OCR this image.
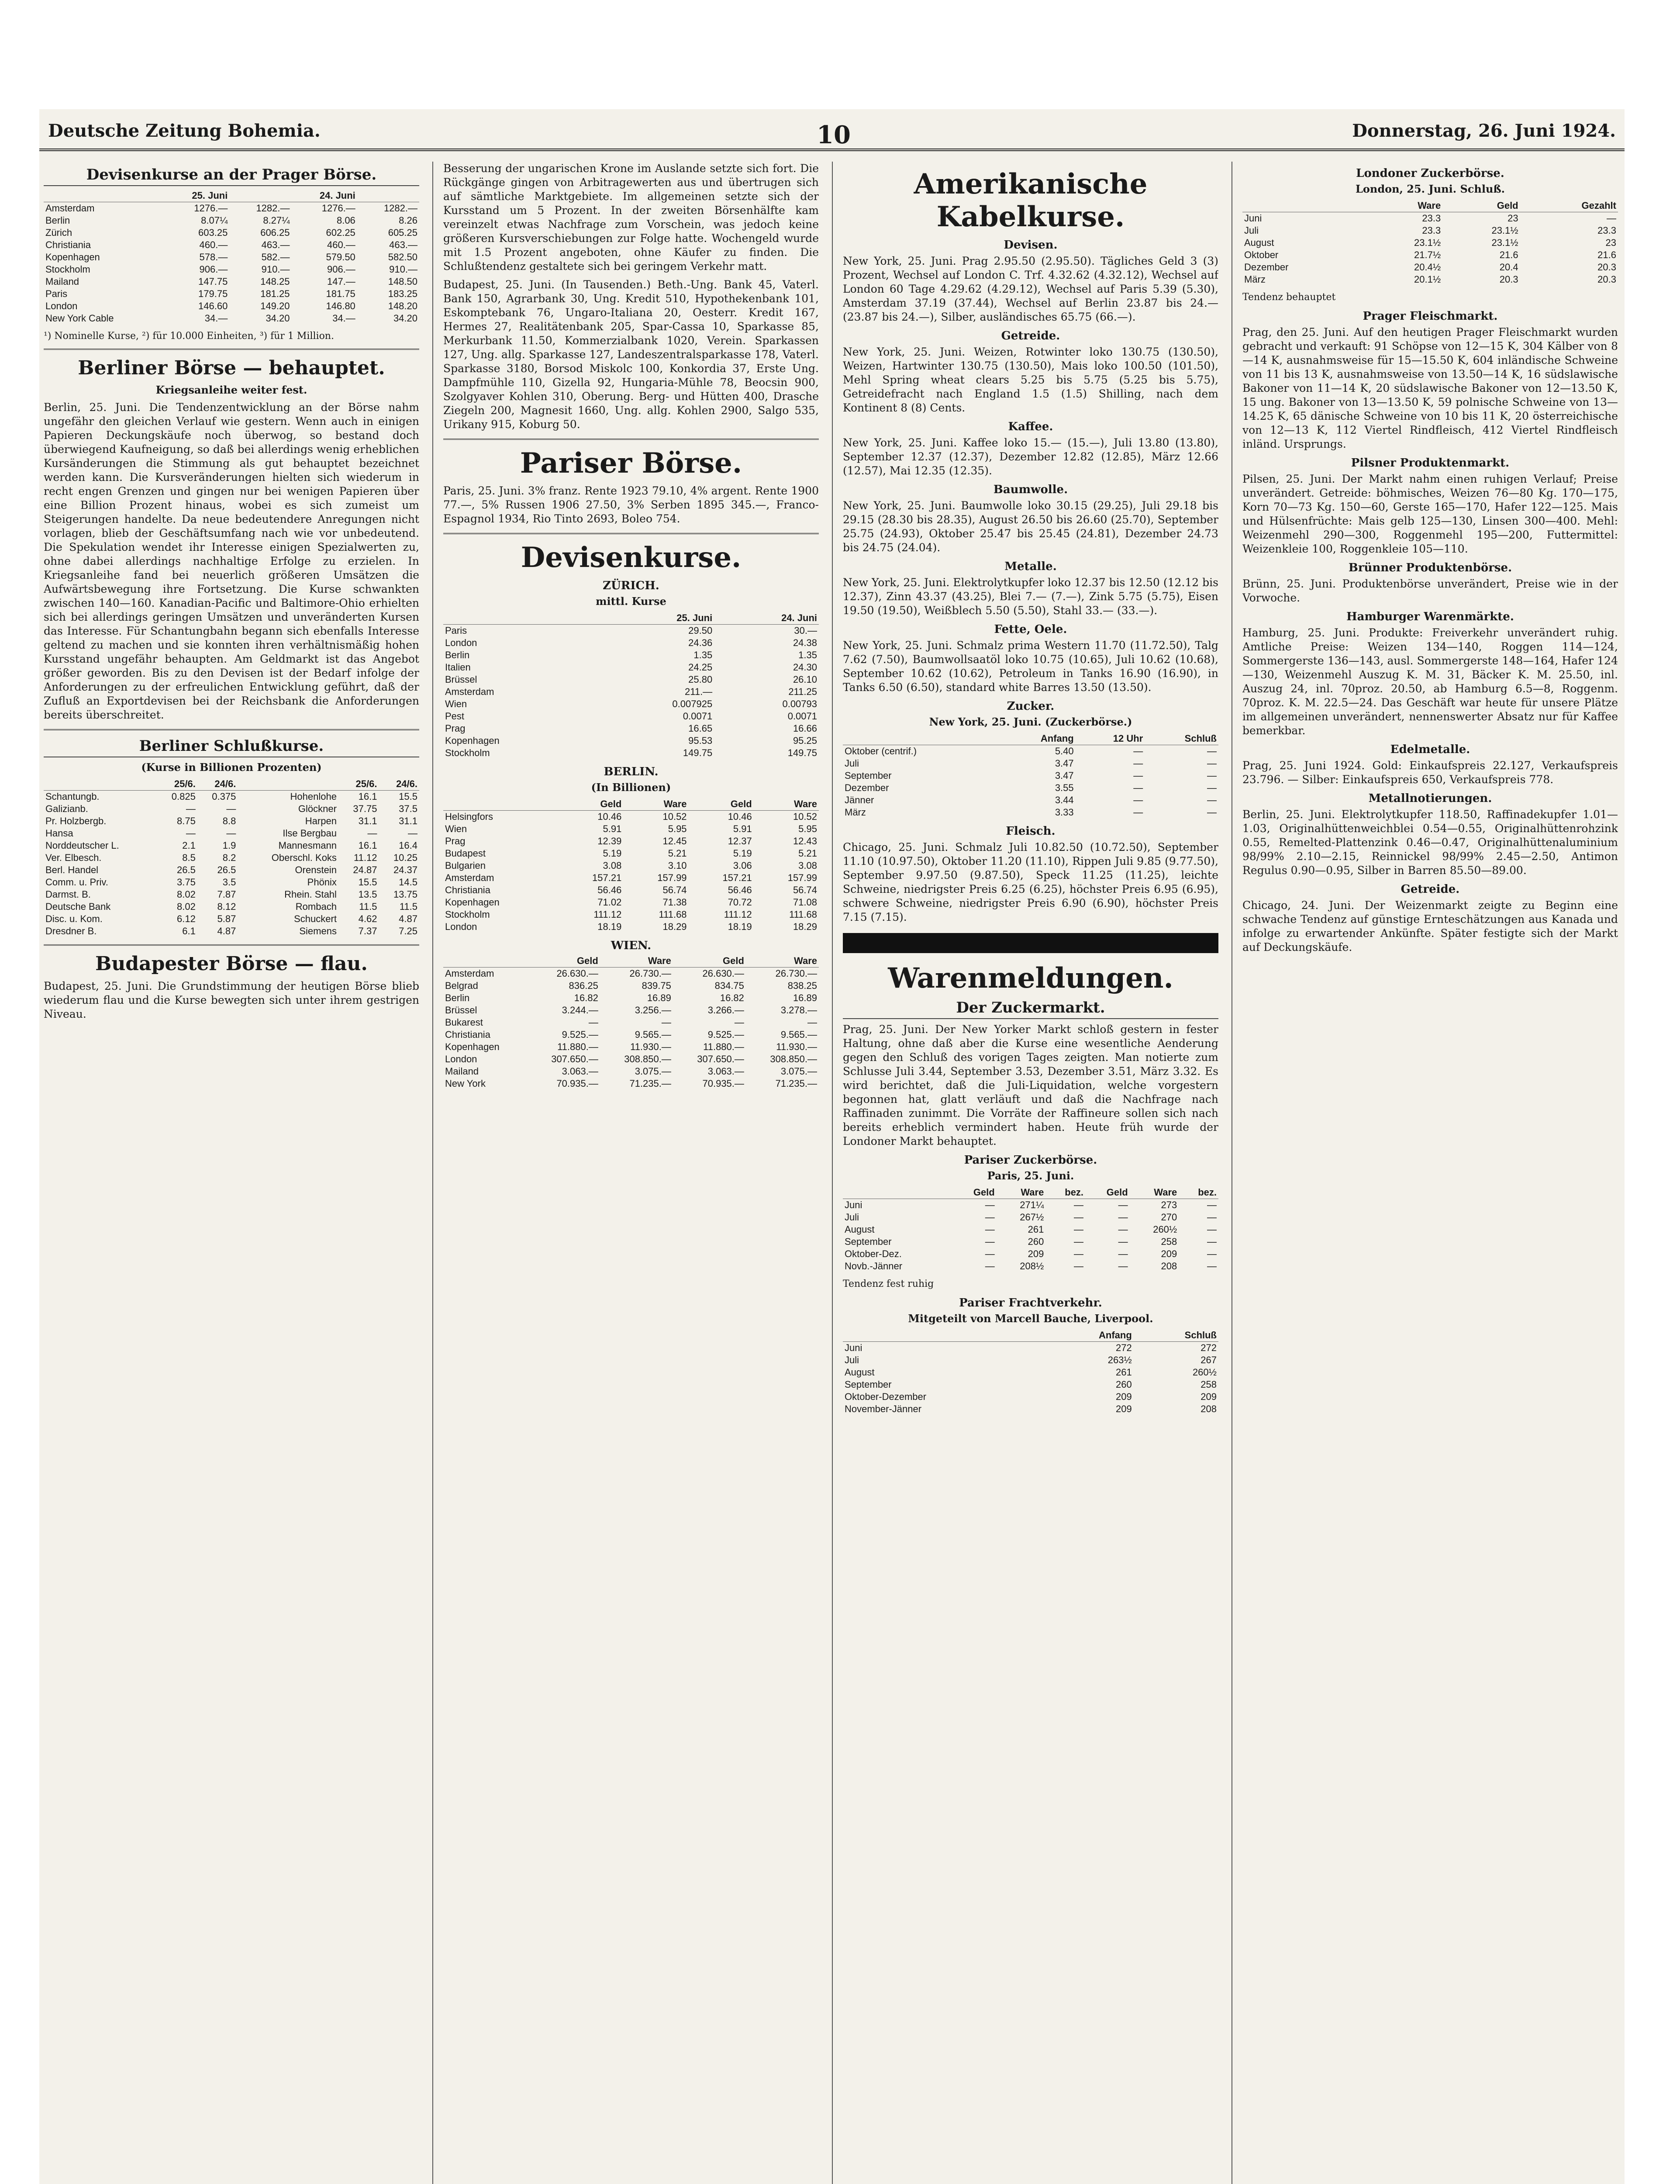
Deutsche Zeitung Bohemia.	10	Donnerstag, 26. Juni 1924.
Devisenkurse an der Prager Börse.
	25. Juni		24. Juni	
Amsterdam	1276.—	1282.—	1276.—	1282.—
Berlin	8.07¼	8.27¼	8.06	8.26
Zürich	603.25	606.25	602.25	605.25
Christiania	460.—	463.—	460.—	463.—
Kopenhagen	578.—	582.—	579.50	582.50
Stockholm	906.—	910.—	906.—	910.—
Mailand	147.75	148.25	147.—	148.50
Paris	179.75	181.25	181.75	183.25
London	146.60	149.20	146.80	148.20
New York Cable	34.—	34.20	34.—	34.20
¹) Nominelle Kurse, ²) für 10.000 Einheiten, ³) für 1 Million.
Berliner Börse — behauptet.
Kriegsanleihe weiter fest.

Berlin, 25. Juni. Die Tendenzentwicklung an der Börse nahm ungefähr den gleichen Verlauf wie gestern. Wenn auch in einigen Papieren Deckungskäufe noch überwog, so bestand doch überwiegend Kaufneigung, so daß bei allerdings wenig erheblichen Kursänderungen die Stimmung als gut behauptet bezeichnet werden kann. Die Kursveränderungen hielten sich wiederum in recht engen Grenzen und gingen nur bei wenigen Papieren über eine Billion Prozent hinaus, wobei es sich zumeist um Steigerungen handelte. Da neue bedeutendere Anregungen nicht vorlagen, blieb der Geschäftsumfang nach wie vor unbedeutend. Die Spekulation wendet ihr Interesse einigen Spezialwerten zu, ohne dabei allerdings nachhaltige Erfolge zu erzielen. In Kriegsanleihe fand bei neuerlich größeren Umsätzen die Aufwärtsbewegung ihre Fortsetzung. Die Kurse schwankten zwischen 140—160. Kanadian-Pacific und Baltimore-Ohio erhielten sich bei allerdings geringen Umsätzen und unveränderten Kursen das Interesse. Für Schantungbahn begann sich ebenfalls Interesse geltend zu machen und sie konnten ihren verhältnismäßig hohen Kursstand ungefähr behaupten. Am Geldmarkt ist das Angebot größer geworden. Bis zu den Devisen ist der Bedarf infolge der Anforderungen zu der erfreulichen Entwicklung geführt, daß der Zufluß an Exportdevisen bei der Reichsbank die Anforderungen bereits überschreitet.

Berliner Schlußkurse.
(Kurse in Billionen Prozenten)
	25/6.	24/6.		25/6.	24/6.
Schantungb.	0.825	0.375	Hohenlohe	16.1	15.5
Galizianb.	—	—	Glöckner	37.75	37.5
Pr. Holzbergb.	8.75	8.8	Harpen	31.1	31.1
Hansa	—	—	Ilse Bergbau	—	—
Norddeutscher L.	2.1	1.9	Mannesmann	16.1	16.4
Ver. Elbesch.	8.5	8.2	Oberschl. Koks	11.12	10.25
Berl. Handel	26.5	26.5	Orenstein	24.87	24.37
Comm. u. Priv.	3.75	3.5	Phönix	15.5	14.5
Darmst. B.	8.02	7.87	Rhein. Stahl	13.5	13.75
Deutsche Bank	8.02	8.12	Rombach	11.5	11.5
Disc. u. Kom.	6.12	5.87	Schuckert	4.62	4.87
Dresdner B.	6.1	4.87	Siemens	7.37	7.25
Budapester Börse — flau.

Budapest, 25. Juni. Die Grundstimmung der heutigen Börse blieb wiederum flau und die Kurse bewegten sich unter ihrem gestrigen Niveau.

Besserung der ungarischen Krone im Auslande setzte sich fort. Die Rückgänge gingen von Arbitragewerten aus und übertrugen sich auf sämtliche Marktgebiete. Im allgemeinen setzte sich der Kursstand um 5 Prozent. In der zweiten Börsenhälfte kam vereinzelt etwas Nachfrage zum Vorschein, was jedoch keine größeren Kursverschiebungen zur Folge hatte. Wochengeld wurde mit 1.5 Prozent angeboten, ohne Käufer zu finden. Die Schlußtendenz gestaltete sich bei geringem Verkehr matt.

Budapest, 25. Juni. (In Tausenden.) Beth.-Ung. Bank 45, Vaterl. Bank 150, Agrarbank 30, Ung. Kredit 510, Hypothekenbank 101, Eskomptebank 76, Ungaro-Italiana 20, Oesterr. Kredit 167, Hermes 27, Realitätenbank 205, Spar-Cassa 10, Sparkasse 85, Merkurbank 11.50, Kommerzialbank 1020, Verein. Sparkassen 127, Ung. allg. Sparkasse 127, Landeszentralsparkasse 178, Vaterl. Sparkasse 3180, Borsod Miskolc 100, Konkordia 37, Erste Ung. Dampfmühle 110, Gizella 92, Hungaria-Mühle 78, Beocsin 900, Szolgyaver Kohlen 310, Oberung. Berg- und Hütten 400, Drasche Ziegeln 200, Magnesit 1660, Ung. allg. Kohlen 2900, Salgo 535, Urikany 915, Koburg 50.

Pariser Börse.

Paris, 25. Juni. 3% franz. Rente 1923 79.10, 4% argent. Rente 1900 77.—, 5% Russen 1906 27.50, 3% Serben 1895 345.—, Franco-Espagnol 1934, Rio Tinto 2693, Boleo 754.

Devisenkurse.
ZÜRICH.
mittl. Kurse
	25. Juni	24. Juni
Paris	29.50	30.—
London	24.36	24.38
Berlin	1.35	1.35
Italien	24.25	24.30
Brüssel	25.80	26.10
Amsterdam	211.—	211.25
Wien	0.007925	0.00793
Pest	0.0071	0.0071
Prag	16.65	16.66
Kopenhagen	95.53	95.25
Stockholm	149.75	149.75
BERLIN.
(In Billionen)
	Geld	Ware	Geld	Ware
Helsingfors	10.46	10.52	10.46	10.52
Wien	5.91	5.95	5.91	5.95
Prag	12.39	12.45	12.37	12.43
Budapest	5.19	5.21	5.19	5.21
Bulgarien	3.08	3.10	3.06	3.08
Amsterdam	157.21	157.99	157.21	157.99
Christiania	56.46	56.74	56.46	56.74
Kopenhagen	71.02	71.38	70.72	71.08
Stockholm	111.12	111.68	111.12	111.68
London	18.19	18.29	18.19	18.29
WIEN.
	Geld	Ware	Geld	Ware
Amsterdam	26.630.—	26.730.—	26.630.—	26.730.—
Belgrad	836.25	839.75	834.75	838.25
Berlin	16.82	16.89	16.82	16.89
Brüssel	3.244.—	3.256.—	3.266.—	3.278.—
Bukarest	—	—	—	—
Christiania	9.525.—	9.565.—	9.525.—	9.565.—
Kopenhagen	11.880.—	11.930.—	11.880.—	11.930.—
London	307.650.—	308.850.—	307.650.—	308.850.—
Mailand	3.063.—	3.075.—	3.063.—	3.075.—
New York	70.935.—	71.235.—	70.935.—	71.235.—
Amerikanische Kabelkurse.
Devisen.

New York, 25. Juni. Prag 2.95.50 (2.95.50). Tägliches Geld 3 (3) Prozent, Wechsel auf London C. Trf. 4.32.62 (4.32.12), Wechsel auf London 60 Tage 4.29.62 (4.29.12), Wechsel auf Paris 5.39 (5.30), Amsterdam 37.19 (37.44), Wechsel auf Berlin 23.87 bis 24.— (23.87 bis 24.—), Silber, ausländisches 65.75 (66.—).

Getreide.

New York, 25. Juni. Weizen, Rotwinter loko 130.75 (130.50), Weizen, Hartwinter 130.75 (130.50), Mais loko 100.50 (101.50), Mehl Spring wheat clears 5.25 bis 5.75 (5.25 bis 5.75), Getreidefracht nach England 1.5 (1.5) Shilling, nach dem Kontinent 8 (8) Cents.

Kaffee.

New York, 25. Juni. Kaffee loko 15.— (15.—), Juli 13.80 (13.80), September 12.37 (12.37), Dezember 12.82 (12.85), März 12.66 (12.57), Mai 12.35 (12.35).

Baumwolle.

New York, 25. Juni. Baumwolle loko 30.15 (29.25), Juli 29.18 bis 29.15 (28.30 bis 28.35), August 26.50 bis 26.60 (25.70), September 25.75 (24.93), Oktober 25.47 bis 25.45 (24.81), Dezember 24.73 bis 24.75 (24.04).

Metalle.

New York, 25. Juni. Elektrolytkupfer loko 12.37 bis 12.50 (12.12 bis 12.37), Zinn 43.37 (43.25), Blei 7.— (7.—), Zink 5.75 (5.75), Eisen 19.50 (19.50), Weißblech 5.50 (5.50), Stahl 33.— (33.—).

Fette, Oele.

New York, 25. Juni. Schmalz prima Western 11.70 (11.72.50), Talg 7.62 (7.50), Baumwollsaatöl loko 10.75 (10.65), Juli 10.62 (10.68), September 10.62 (10.62), Petroleum in Tanks 16.90 (16.90), in Tanks 6.50 (6.50), standard white Barres 13.50 (13.50).

Zucker.
New York, 25. Juni. (Zuckerbörse.)
	Anfang	12 Uhr	Schluß
Oktober (centrif.)	5.40	—	—
Juli	3.47	—	—
September	3.47	—	—
Dezember	3.55	—	—
Jänner	3.44	—	—
März	3.33	—	—
Fleisch.

Chicago, 25. Juni. Schmalz Juli 10.82.50 (10.72.50), September 11.10 (10.97.50), Oktober 11.20 (11.10), Rippen Juli 9.85 (9.77.50), September 9.97.50 (9.87.50), Speck 11.25 (11.25), leichte Schweine, niedrigster Preis 6.25 (6.25), höchster Preis 6.95 (6.95), schwere Schweine, niedrigster Preis 6.90 (6.90), höchster Preis 7.15 (7.15).

Warenmeldungen.
Der Zuckermarkt.

Prag, 25. Juni. Der New Yorker Markt schloß gestern in fester Haltung, ohne daß aber die Kurse eine wesentliche Aenderung gegen den Schluß des vorigen Tages zeigten. Man notierte zum Schlusse Juli 3.44, September 3.53, Dezember 3.51, März 3.32. Es wird berichtet, daß die Juli-Liquidation, welche vorgestern begonnen hat, glatt verläuft und daß die Nachfrage nach Raffinaden zunimmt. Die Vorräte der Raffineure sollen sich nach bereits erheblich vermindert haben. Heute früh wurde der Londoner Markt behauptet.

Pariser Zuckerbörse.
Paris, 25. Juni.
	Geld	Ware	bez.	Geld	Ware	bez.
Juni	—	271¼	—	—	273	—
Juli	—	267½	—	—	270	—
August	—	261	—	—	260½	—
September	—	260	—	—	258	—
Oktober-Dez.	—	209	—	—	209	—
Novb.-Jänner	—	208½	—	—	208	—
Tendenz fest ruhig
Pariser Frachtverkehr.
Mitgeteilt von Marcell Bauche, Liverpool.
	Anfang	Schluß
Juni	272	272
Juli	263½	267
August	261	260½
September	260	258
Oktober-Dezember	209	209
November-Jänner	209	208
Londoner Zuckerbörse.
London, 25. Juni. Schluß.
	Ware	Geld	Gezahlt
Juni	23.3	23	—
Juli	23.3	23.1½	23.3
August	23.1½	23.1½	23
Oktober	21.7½	21.6	21.6
Dezember	20.4½	20.4	20.3
März	20.1½	20.3	20.3
Tendenz behauptet
Prager Fleischmarkt.

Prag, den 25. Juni. Auf den heutigen Prager Fleischmarkt wurden gebracht und verkauft: 91 Schöpse von 12—15 K, 304 Kälber von 8—14 K, ausnahmsweise für 15—15.50 K, 604 inländische Schweine von 11 bis 13 K, ausnahmsweise von 13.50—14 K, 16 südslawische Bakoner von 11—14 K, 20 südslawische Bakoner von 12—13.50 K, 15 ung. Bakoner von 13—13.50 K, 59 polnische Schweine von 13—14.25 K, 65 dänische Schweine von 10 bis 11 K, 20 österreichische von 12—13 K, 112 Viertel Rindfleisch, 412 Viertel Rindfleisch inländ. Ursprungs.

Pilsner Produktenmarkt.

Pilsen, 25. Juni. Der Markt nahm einen ruhigen Verlauf; Preise unverändert. Getreide: böhmisches, Weizen 76—80 Kg. 170—175, Korn 70—73 Kg. 150—60, Gerste 165—170, Hafer 122—125. Mais und Hülsenfrüchte: Mais gelb 125—130, Linsen 300—400. Mehl: Weizenmehl 290—300, Roggenmehl 195—200, Futtermittel: Weizenkleie 100, Roggenkleie 105—110.

Brünner Produktenbörse.

Brünn, 25. Juni. Produktenbörse unverändert, Preise wie in der Vorwoche.

Hamburger Warenmärkte.

Hamburg, 25. Juni. Produkte: Freiverkehr unverändert ruhig. Amtliche Preise: Weizen 134—140, Roggen 114—124, Sommergerste 136—143, ausl. Sommergerste 148—164, Hafer 124—130, Weizenmehl Auszug K. M. 31, Bäcker K. M. 25.50, inl. Auszug 24, inl. 70proz. 20.50, ab Hamburg 6.5—8, Roggenm. 70proz. K. M. 22.5—24. Das Geschäft war heute für unsere Plätze im allgemeinen unverändert, nennenswerter Absatz nur für Kaffee bemerkbar.

Edelmetalle.

Prag, 25. Juni 1924. Gold: Einkaufspreis 22.127, Verkaufspreis 23.796. — Silber: Einkaufspreis 650, Verkaufspreis 778.

Metallnotierungen.

Berlin, 25. Juni. Elektrolytkupfer 118.50, Raffinadekupfer 1.01—1.03, Originalhüttenweichblei 0.54—0.55, Originalhüttenrohzink 0.55, Remelted-Plattenzink 0.46—0.47, Originalhüttenaluminium 98/99% 2.10—2.15, Reinnickel 98/99% 2.45—2.50, Antimon Regulus 0.90—0.95, Silber in Barren 85.50—89.00.

Getreide.

Chicago, 24. Juni. Der Weizenmarkt zeigte zu Beginn eine schwache Tendenz auf günstige Ernteschätzungen aus Kanada und infolge zu erwartender Ankünfte. Später festigte sich der Markt auf Deckungskäufe.
